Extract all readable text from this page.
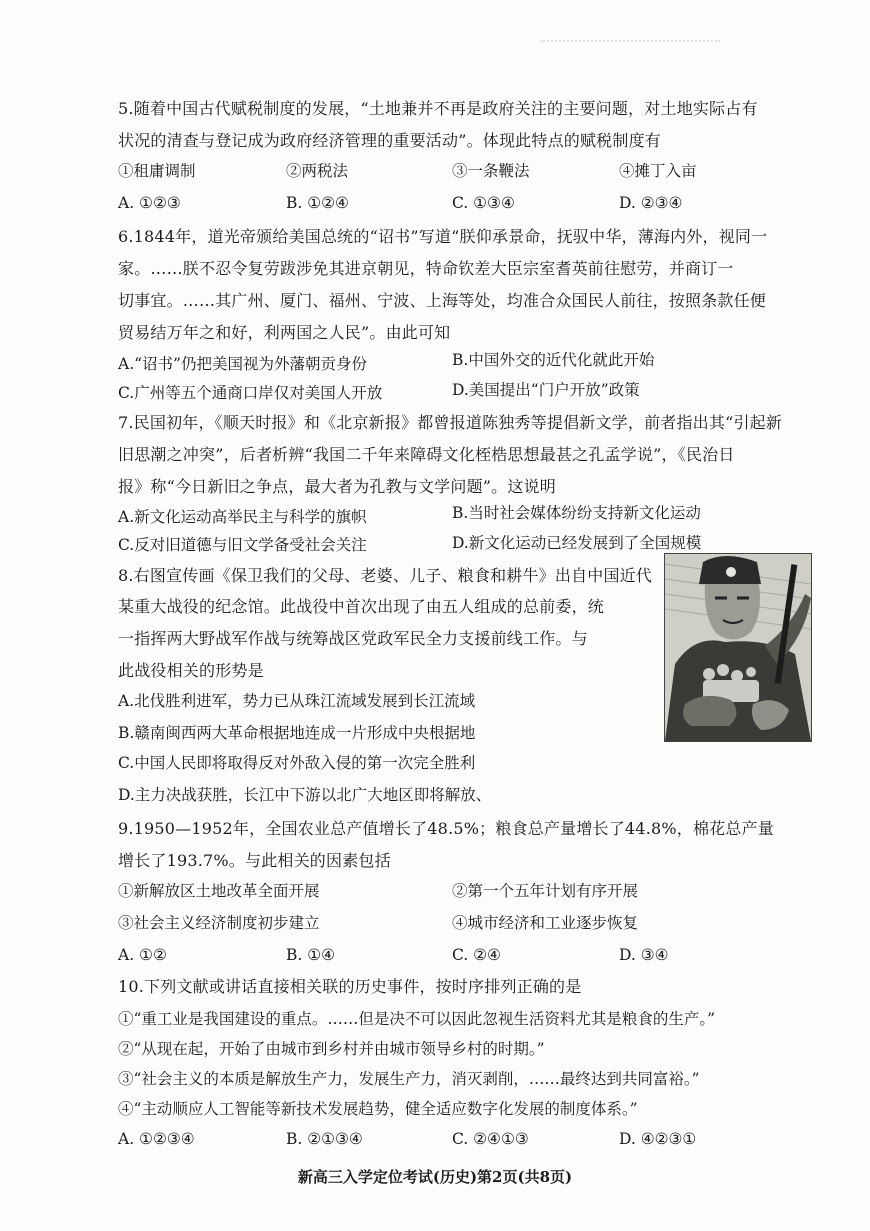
5.随着中国古代赋税制度的发展，“土地兼并不再是政府关注的主要问题，对土地实际占有
状况的清查与登记成为政府经济管理的重要活动”。体现此特点的赋税制度有
①租庸调制	②两税法	③一条鞭法	④摊丁入亩
A. ①②③	B. ①②④	C. ①③④	D. ②③④
6.1844年，道光帝颁给美国总统的“诏书”写道“朕仰承景命，抚驭中华，薄海内外，视同一
家。……朕不忍令复劳跋涉免其进京朝见，特命钦差大臣宗室耆英前往慰劳，并商订一
切事宜。……其广州、厦门、福州、宁波、上海等处，均准合众国民人前往，按照条款任便
贸易结万年之和好，利两国之人民”。由此可知
A.“诏书”仍把美国视为外藩朝贡身份	B.中国外交的近代化就此开始
C.广州等五个通商口岸仅对美国人开放	D.美国提出“门户开放”政策
7.民国初年，《顺天时报》和《北京新报》都曾报道陈独秀等提倡新文学，前者指出其“引起新
旧思潮之冲突”，后者析辨“我国二千年来障碍文化桎梏思想最甚之孔孟学说”，《民治日
报》称“今日新旧之争点，最大者为孔教与文学问题”。这说明
A.新文化运动高举民主与科学的旗帜	B.当时社会媒体纷纷支持新文化运动
C.反对旧道德与旧文学备受社会关注	D.新文化运动已经发展到了全国规模
8.右图宣传画《保卫我们的父母、老婆、儿子、粮食和耕牛》出自中国近代
某重大战役的纪念馆。此战役中首次出现了由五人组成的总前委，统
一指挥两大野战军作战与统筹战区党政军民全力支援前线工作。与
此战役相关的形势是
A.北伐胜利进军，势力已从珠江流域发展到长江流域
B.赣南闽西两大革命根据地连成一片形成中央根据地
C.中国人民即将取得反对外敌入侵的第一次完全胜利
D.主力决战获胜，长江中下游以北广大地区即将解放、
9.1950—1952年，全国农业总产值增长了48.5%；粮食总产量增长了44.8%，棉花总产量
增长了193.7%。与此相关的因素包括
①新解放区土地改革全面开展	②第一个五年计划有序开展
③社会主义经济制度初步建立	④城市经济和工业逐步恢复
A. ①②	B. ①④	C. ②④	D. ③④
10.下列文献或讲话直接相关联的历史事件，按时序排列正确的是
①“重工业是我国建设的重点。……但是决不可以因此忽视生活资料尤其是粮食的生产。”
②“从现在起，开始了由城市到乡村并由城市领导乡村的时期。”
③“社会主义的本质是解放生产力，发展生产力，消灭剥削，……最终达到共同富裕。”
④“主动顺应人工智能等新技术发展趋势，健全适应数字化发展的制度体系。”
A. ①②③④	B. ②①③④	C. ②④①③	D. ④②③①
新高三入学定位考试(历史)第2页(共8页)
